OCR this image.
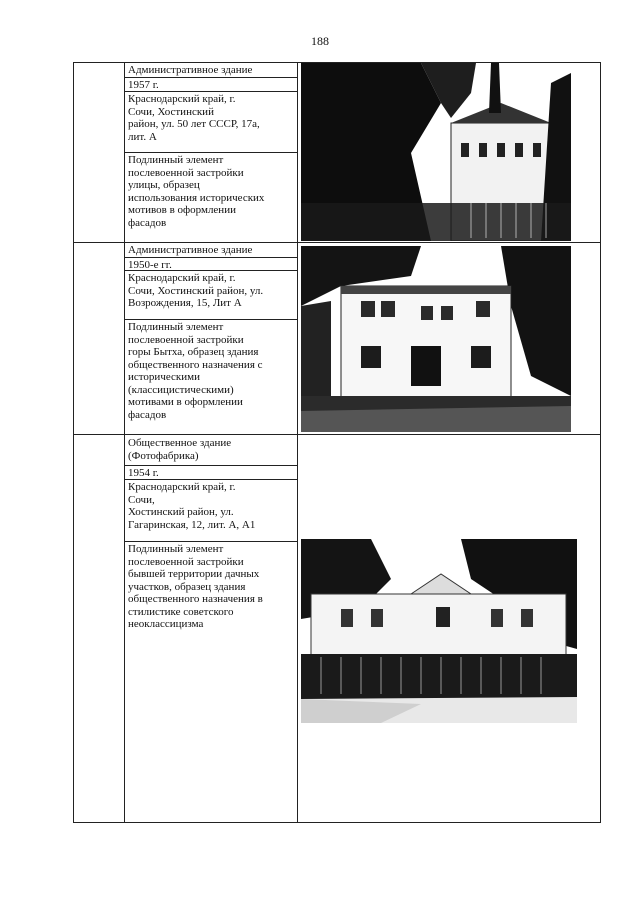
188
Административное здание
1957 г.
Краснодарский край, г.
Сочи, Хостинский
район, ул. 50 лет СССР, 17а,
лит. А
Подлинный элемент
послевоенной застройки
улицы, образец
использования исторических
мотивов в оформлении
фасадов
Административное здание
1950-е гг.
Краснодарский край, г.
Сочи, Хостинский район, ул.
Возрождения, 15, Лит А
Подлинный элемент
послевоенной застройки
горы Бытха, образец здания
общественного назначения с
историческими
(классицистическими)
мотивами в оформлении
фасадов
Общественное здание
(Фотофабрика)
1954 г.
Краснодарский край, г.
Сочи,
Хостинский район, ул.
Гагаринская, 12, лит. А, А1
Подлинный элемент
послевоенной застройки
бывшей территории дачных
участков, образец здания
общественного назначения в
стилистике советского
неоклассицизма
